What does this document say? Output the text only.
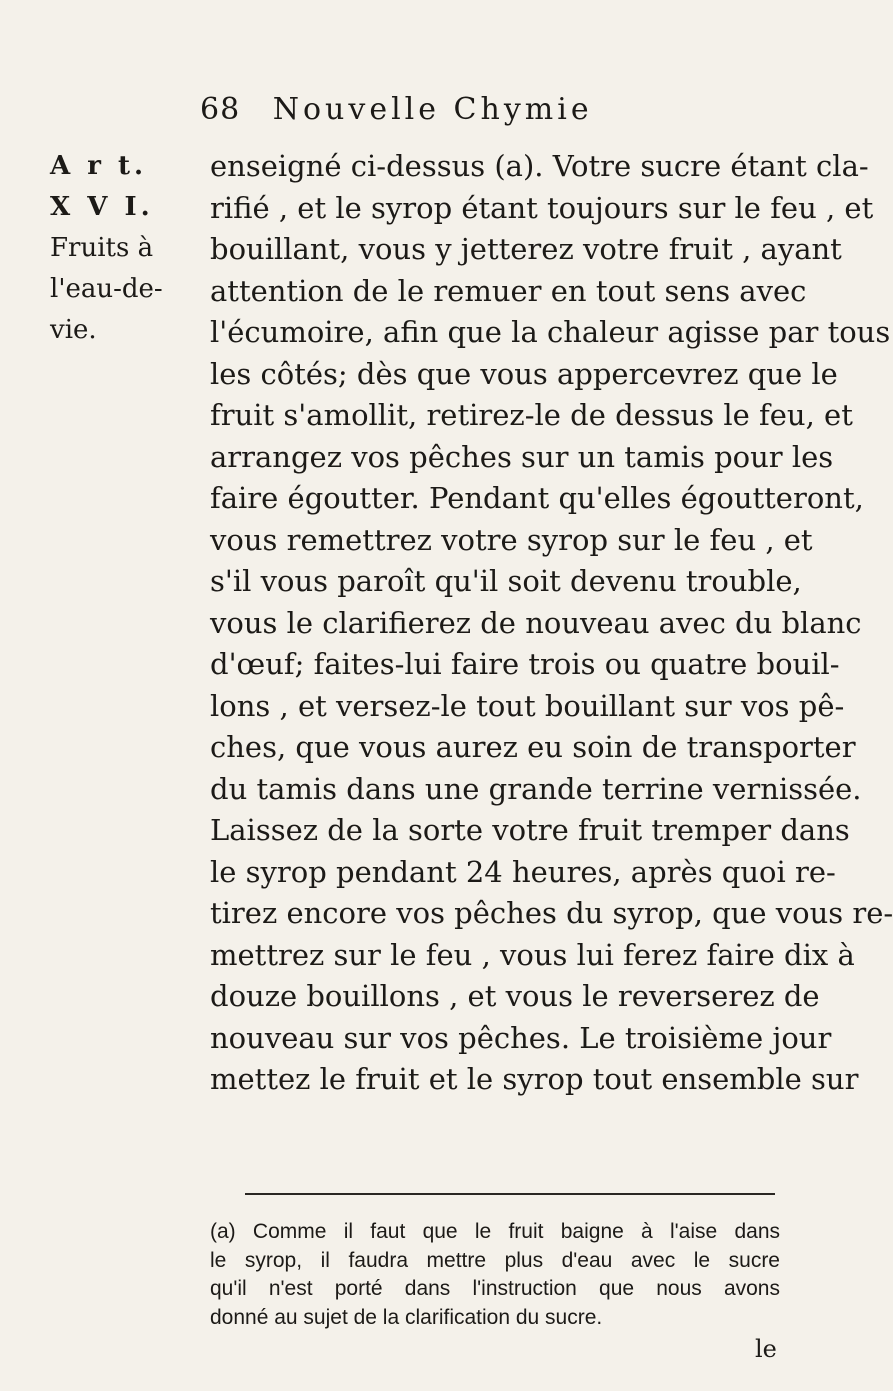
68 Nouvelle Chymie
A r t.
X V I.
Fruits à
l'eau-de-
vie.
enseigné ci-dessus (a). Votre sucre étant cla-
rifié , et le syrop étant toujours sur le feu , et
bouillant, vous y jetterez votre fruit , ayant
attention de le remuer en tout sens avec
l'écumoire, afin que la chaleur agisse par tous
les côtés; dès que vous appercevrez que le
fruit s'amollit, retirez-le de dessus le feu, et
arrangez vos pêches sur un tamis pour les
faire égoutter. Pendant qu'elles égoutteront,
vous remettrez votre syrop sur le feu , et
s'il vous paroît qu'il soit devenu trouble,
vous le clarifierez de nouveau avec du blanc
d'œuf; faites-lui faire trois ou quatre bouil-
lons , et versez-le tout bouillant sur vos pê-
ches, que vous aurez eu soin de transporter
du tamis dans une grande terrine vernissée.
Laissez de la sorte votre fruit tremper dans
le syrop pendant 24 heures, après quoi re-
tirez encore vos pêches du syrop, que vous re-
mettrez sur le feu , vous lui ferez faire dix à
douze bouillons , et vous le reverserez de
nouveau sur vos pêches. Le troisième jour
mettez le fruit et le syrop tout ensemble sur
(a) Comme il faut que le fruit baigne à l'aise dans
le syrop, il faudra mettre plus d'eau avec le sucre
qu'il n'est porté dans l'instruction que nous avons
donné au sujet de la clarification du sucre.
le
